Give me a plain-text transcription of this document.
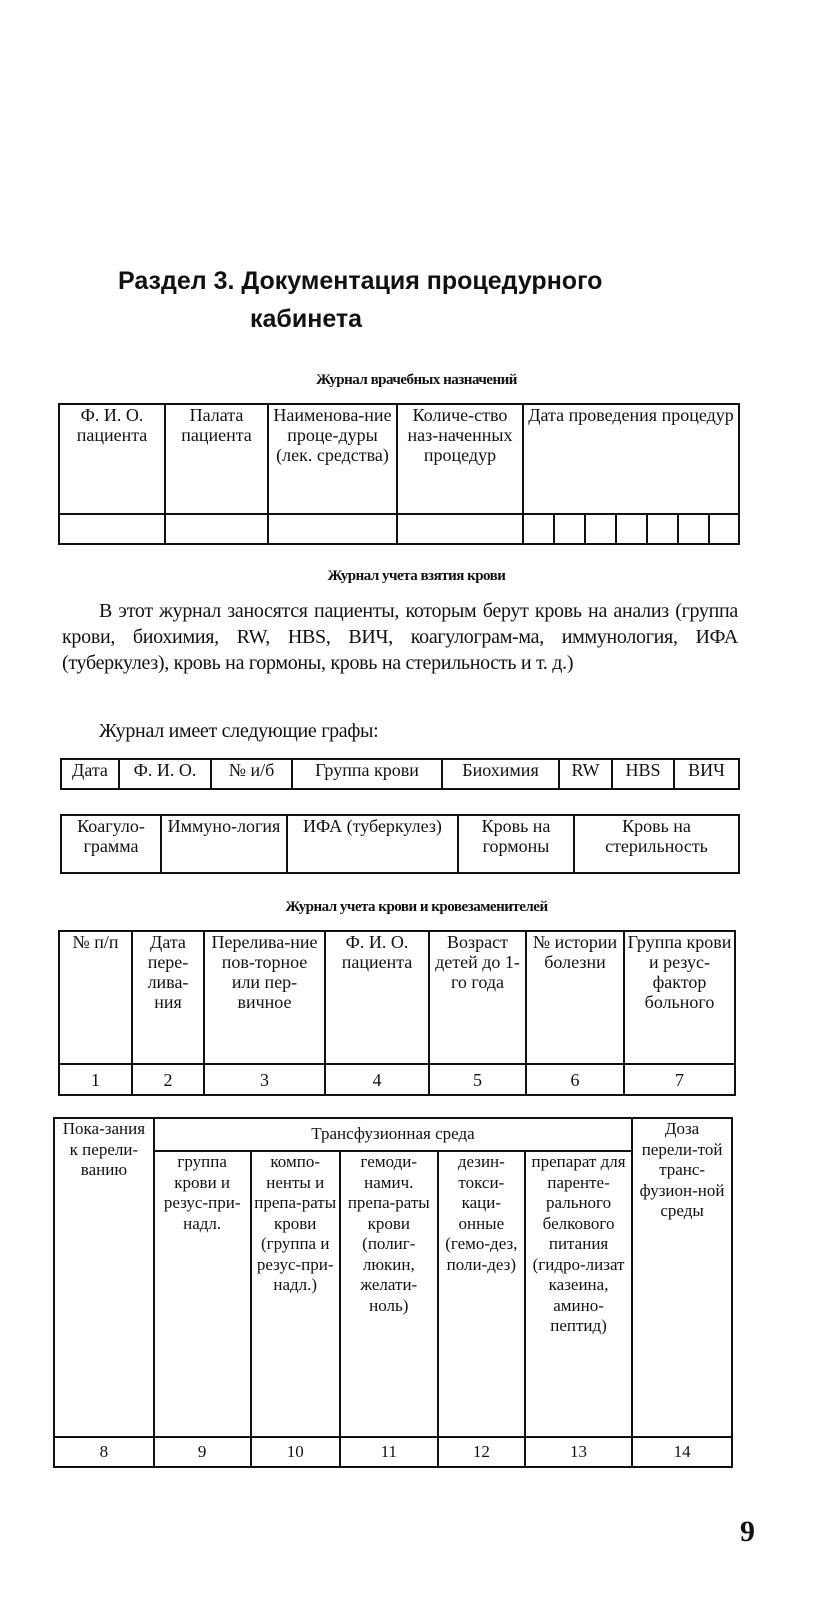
Раздел 3. Документация процедурного
кабинета
Журнал врачебных назначений
Ф. И. О. пациента	Палата пациента	Наименова-ние проце-дуры (лек. средства)	Количе-ство наз-наченных процедур	Дата проведения процедур						

Журнал учета взятия крови
В этот журнал заносятся пациенты, которым берут кровь на анализ (группа крови, биохимия, RW, HBS, ВИЧ, коагулограм-ма, иммунология, ИФА (туберкулез), кровь на гормоны, кровь на стерильность и т. д.)
Журнал имеет следующие графы:
Дата	Ф. И. О.	№ и/б	Группа крови	Биохимия	RW	HBS	ВИЧ
Коагуло-грамма	Иммуно-логия	ИФА (туберкулез)	Кровь на гормоны	Кровь на стерильность
Журнал учета крови и кровезаменителей
№ п/п	Дата пере-лива-ния	Перелива-ние пов-торное или пер-вичное	Ф. И. О. пациента	Возраст детей до 1-го года	№ истории болезни	Группа крови и резус-фактор больного
1	2	3	4	5	6	7
Пока-зания к перели-ванию	Трансфузионная среда					Доза перели-той транс-фузион-ной среды
	группа крови и резус-при-надл.	компо-ненты и препа-раты крови (группа и резус-при-надл.)	гемоди-намич. препа-раты крови (полиг-люкин, желати-ноль)	дезин-токси-каци-онные (гемо-дез, поли-дез)	препарат для паренте-рального белкового питания (гидро-лизат казеина, амино-пептид)	
8	9	10	11	12	13	14
9
